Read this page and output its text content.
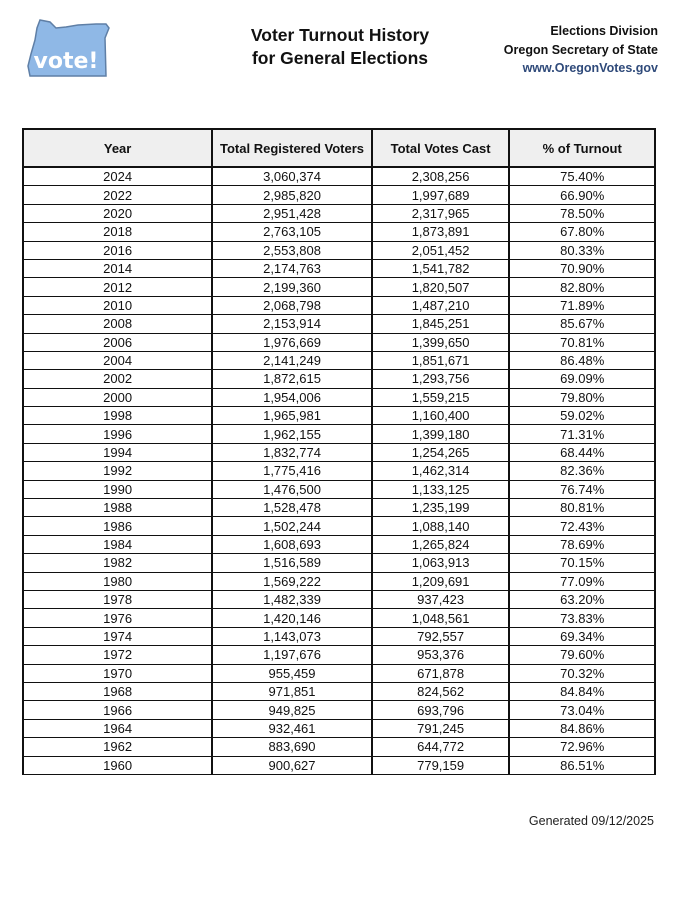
vote!
Voter Turnout History
for General Elections
Elections Division
Oregon Secretary of State
www.OregonVotes.gov
Year	Total Registered Voters	Total Votes Cast	% of Turnout
2024	3,060,374	2,308,256	75.40%
2022	2,985,820	1,997,689	66.90%
2020	2,951,428	2,317,965	78.50%
2018	2,763,105	1,873,891	67.80%
2016	2,553,808	2,051,452	80.33%
2014	2,174,763	1,541,782	70.90%
2012	2,199,360	1,820,507	82.80%
2010	2,068,798	1,487,210	71.89%
2008	2,153,914	1,845,251	85.67%
2006	1,976,669	1,399,650	70.81%
2004	2,141,249	1,851,671	86.48%
2002	1,872,615	1,293,756	69.09%
2000	1,954,006	1,559,215	79.80%
1998	1,965,981	1,160,400	59.02%
1996	1,962,155	1,399,180	71.31%
1994	1,832,774	1,254,265	68.44%
1992	1,775,416	1,462,314	82.36%
1990	1,476,500	1,133,125	76.74%
1988	1,528,478	1,235,199	80.81%
1986	1,502,244	1,088,140	72.43%
1984	1,608,693	1,265,824	78.69%
1982	1,516,589	1,063,913	70.15%
1980	1,569,222	1,209,691	77.09%
1978	1,482,339	937,423	63.20%
1976	1,420,146	1,048,561	73.83%
1974	1,143,073	792,557	69.34%
1972	1,197,676	953,376	79.60%
1970	955,459	671,878	70.32%
1968	971,851	824,562	84.84%
1966	949,825	693,796	73.04%
1964	932,461	791,245	84.86%
1962	883,690	644,772	72.96%
1960	900,627	779,159	86.51%
Generated 09/12/2025
